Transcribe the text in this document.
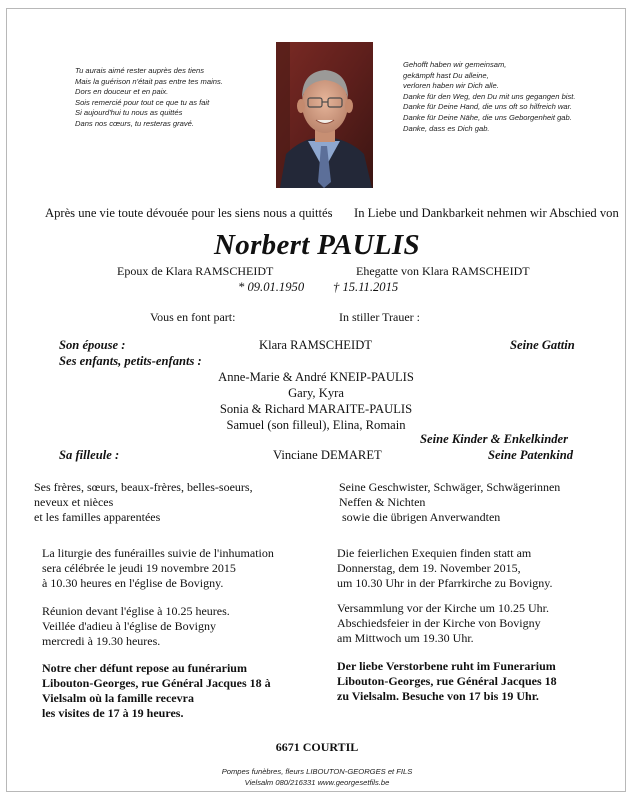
Tu aurais aimé rester auprès des tiens
Mais la guérison n'était pas entre tes mains.
Dors en douceur et en paix.
Sois remercié pour tout ce que tu as fait
Si aujourd'hui tu nous as quittés
Dans nos cœurs, tu resteras gravé.
Gehofft haben wir gemeinsam,
gekämpft hast Du alleine,
verloren haben wir Dich alle.
Danke für den Weg, den Du mit uns gegangen bist.
Danke für Deine Hand, die uns oft so hilfreich war.
Danke für Deine Nähe, die uns Geborgenheit gab.
Danke, dass es Dich gab.
Après une vie toute dévouée pour les siens nous a quittés In Liebe und Dankbarkeit nehmen wir Abschied von
Norbert PAULIS
Epoux de Klara RAMSCHEIDT	Ehegatte von Klara RAMSCHEIDT
* 09.01.1950 † 15.11.2015
Vous en font part:	In stiller Trauer :
Son épouse :	Klara RAMSCHEIDT	Seine Gattin
Ses enfants, petits-enfants :
Anne-Marie & André KNEIP-PAULIS
Gary, Kyra
Sonia & Richard MARAITE-PAULIS
Samuel (son filleul), Elina, Romain
Seine Kinder & Enkelkinder
Sa filleule :	Vinciane DEMARET	Seine Patenkind
Ses frères, sœurs, beaux-frères, belles-soeurs,
neveux et nièces
et les familles apparentées
Seine Geschwister, Schwäger, Schwägerinnen
Neffen & Nichten
sowie die übrigen Anverwandten
La liturgie des funérailles suivie de l'inhumation
sera célébrée le jeudi 19 novembre 2015
à 10.30 heures en l'église de Bovigny.
Die feierlichen Exequien finden statt am
Donnerstag, dem 19. November 2015,
um 10.30 Uhr in der Pfarrkirche zu Bovigny.
Réunion devant l'église à 10.25 heures.
Veillée d'adieu à l'église de Bovigny
mercredi à 19.30 heures.
Versammlung vor der Kirche um 10.25 Uhr.
Abschiedsfeier in der Kirche von Bovigny
am Mittwoch um 19.30 Uhr.
Notre cher défunt repose au funérarium
Libouton-Georges, rue Général Jacques 18 à
Vielsalm où la famille recevra
les visites de 17 à 19 heures.
Der liebe Verstorbene ruht im Funerarium
Libouton-Georges, rue Général Jacques 18
zu Vielsalm. Besuche von 17 bis 19 Uhr.
6671 COURTIL
Pompes funèbres, fleurs LIBOUTON-GEORGES et FILS
Vielsalm 080/216331 www.georgesetfils.be
